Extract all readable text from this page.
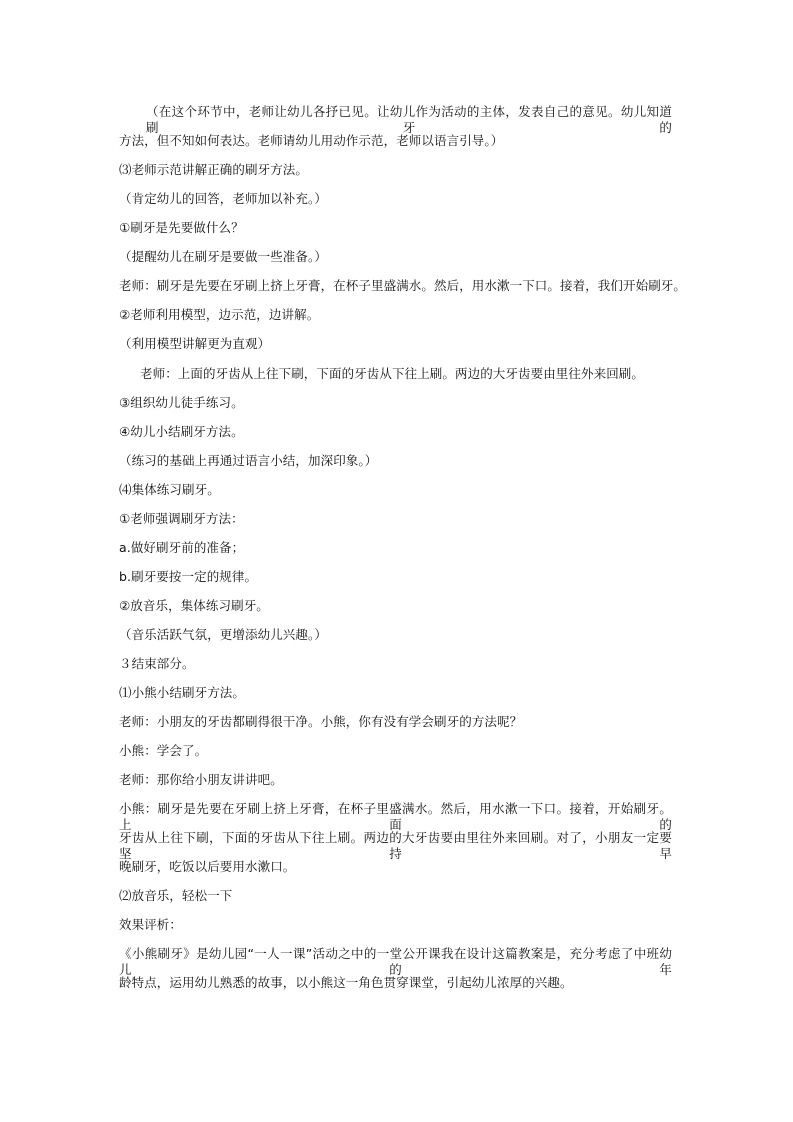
（在这个环节中，老师让幼儿各抒已见。让幼儿作为活动的主体，发表自己的意见。幼儿知道刷牙的
方法，但不知如何表达。老师请幼儿用动作示范，老师以语言引导。）
⑶老师示范讲解正确的刷牙方法。
（肯定幼儿的回答，老师加以补充。）
①刷牙是先要做什么？
（提醒幼儿在刷牙是要做一些准备。）
老师：刷牙是先要在牙刷上挤上牙膏，在杯子里盛满水。然后，用水漱一下口。接着，我们开始刷牙。
②老师利用模型，边示范，边讲解。
（利用模型讲解更为直观）
老师：上面的牙齿从上往下刷，下面的牙齿从下往上刷。两边的大牙齿要由里往外来回刷。
③组织幼儿徒手练习。
④幼儿小结刷牙方法。
（练习的基础上再通过语言小结，加深印象。）
⑷集体练习刷牙。
①老师强调刷牙方法：
a.做好刷牙前的准备；
b.刷牙要按一定的规律。
②放音乐，集体练习刷牙。
（音乐活跃气氛，更增添幼儿兴趣。）
３结束部分。
⑴小熊小结刷牙方法。
老师：小朋友的牙齿都刷得很干净。小熊，你有没有学会刷牙的方法呢？
小熊：学会了。
老师：那你给小朋友讲讲吧。
小熊：刷牙是先要在牙刷上挤上牙膏，在杯子里盛满水。然后，用水漱一下口。接着，开始刷牙。上面的
牙齿从上往下刷，下面的牙齿从下往上刷。两边的大牙齿要由里往外来回刷。对了，小朋友一定要坚持早
晚刷牙，吃饭以后要用水漱口。
⑵放音乐，轻松一下
效果评析：
《小熊刷牙》是幼儿园“一人一课”活动之中的一堂公开课我在设计这篇教案是，充分考虑了中班幼儿的年
龄特点，运用幼儿熟悉的故事，以小熊这一角色贯穿课堂，引起幼儿浓厚的兴趣。
